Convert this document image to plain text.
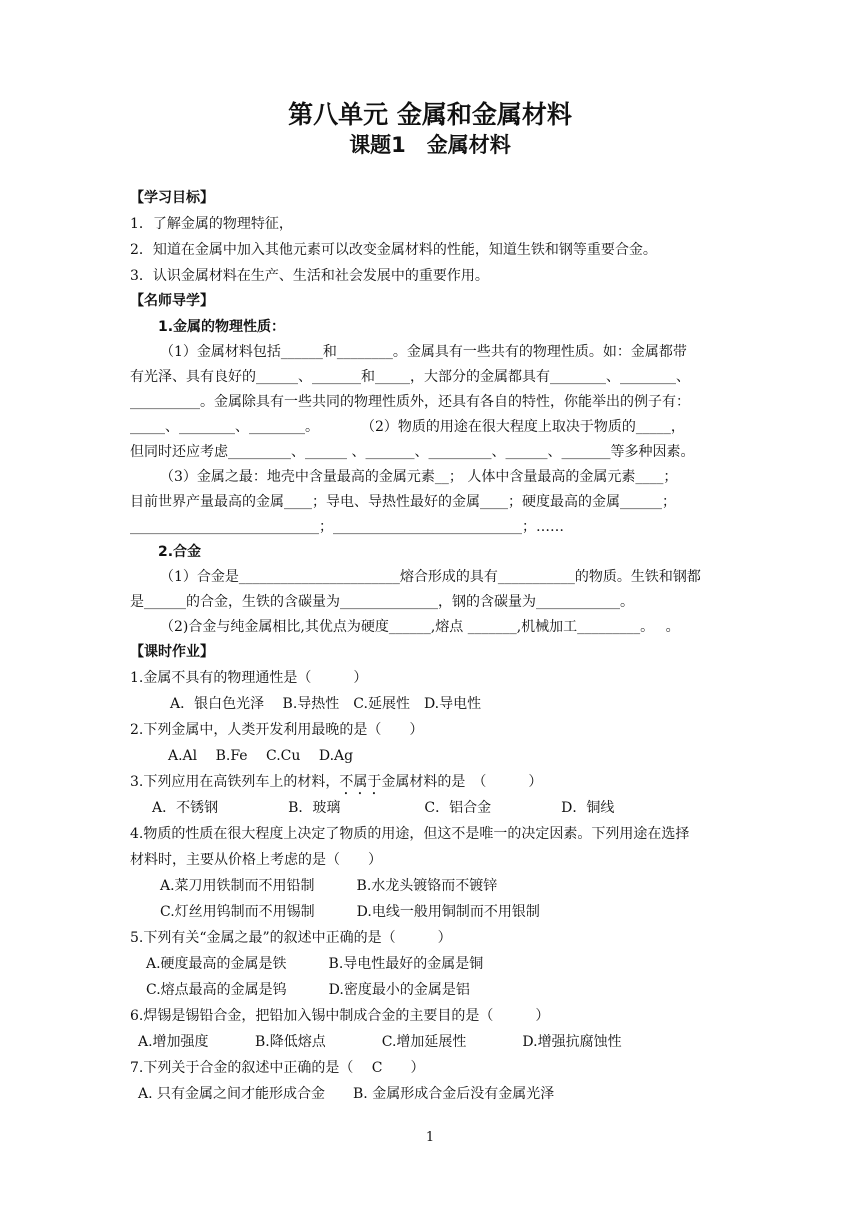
第八单元 金属和金属材料
课题1　金属材料
【学习目标】
1．了解金属的物理特征，
2．知道在金属中加入其他元素可以改变金属材料的性能，知道生铁和钢等重要合金。
3．认识金属材料在生产、生活和社会发展中的重要作用。
【名师导学】
1.金属的物理性质：
（1）金属材料包括______和________。金属具有一些共有的物理性质。如：金属都带
有光泽、具有良好的______、_______和_____，大部分的金属都具有________、________、
__________。金属除具有一些共同的物理性质外，还具有各自的特性，你能举出的例子有：
_____、________、________。　　　　（2）物质的用途在很大程度上取决于物质的_____，
但同时还应考虑_________、______ 、_______、_________、______、_______等多种因素。
（3）金属之最：地壳中含量最高的金属元素__； 人体中含量最高的金属元素____；
目前世界产量最高的金属____；导电、导热性最好的金属____；硬度最高的金属______；
___________________________；___________________________；……
2.合金
（1）合金是_______________________熔合形成的具有___________的物质。生铁和钢都
是______的合金，生铁的含碳量为______________，钢的含碳量为____________。
（2)合金与纯金属相比,其优点为硬度______,熔点 _______,机械加工_________。　 。
【课时作业】
1.金属不具有的物理通性是（　　　）
A．银白色光泽　 B.导热性　C.延展性　D.导电性
2.下列金属中，人类开发利用最晚的是（　　）
A.Al　 B.Fe　 C.Cu　 D.Ag
3.下列应用在高铁列车上的材料，不属于金属材料的是　（　　　）
A．不锈钢　　　　　B．玻璃　　　　　　C．铝合金　　　　　D．铜线
4.物质的性质在很大程度上决定了物质的用途，但这不是唯一的决定因素。下列用途在选择
材料时，主要从价格上考虑的是（　　）
A.菜刀用铁制而不用铅制　　　B.水龙头镀铬而不镀锌
C.灯丝用钨制而不用锡制　　　D.电线一般用铜制而不用银制
5.下列有关“金属之最”的叙述中正确的是（　　　）
A.硬度最高的金属是铁　　　B.导电性最好的金属是铜
C.熔点最高的金属是钨　　　D.密度最小的金属是铝
6.焊锡是锡铅合金，把铅加入锡中制成合金的主要目的是（　　　）
A.增加强度　　　 B.降低熔点　　　　C.增加延展性　　　　D.增强抗腐蚀性
7.下列关于合金的叙述中正确的是（　 C　　）
A. 只有金属之间才能形成合金　　B. 金属形成合金后没有金属光泽
1
